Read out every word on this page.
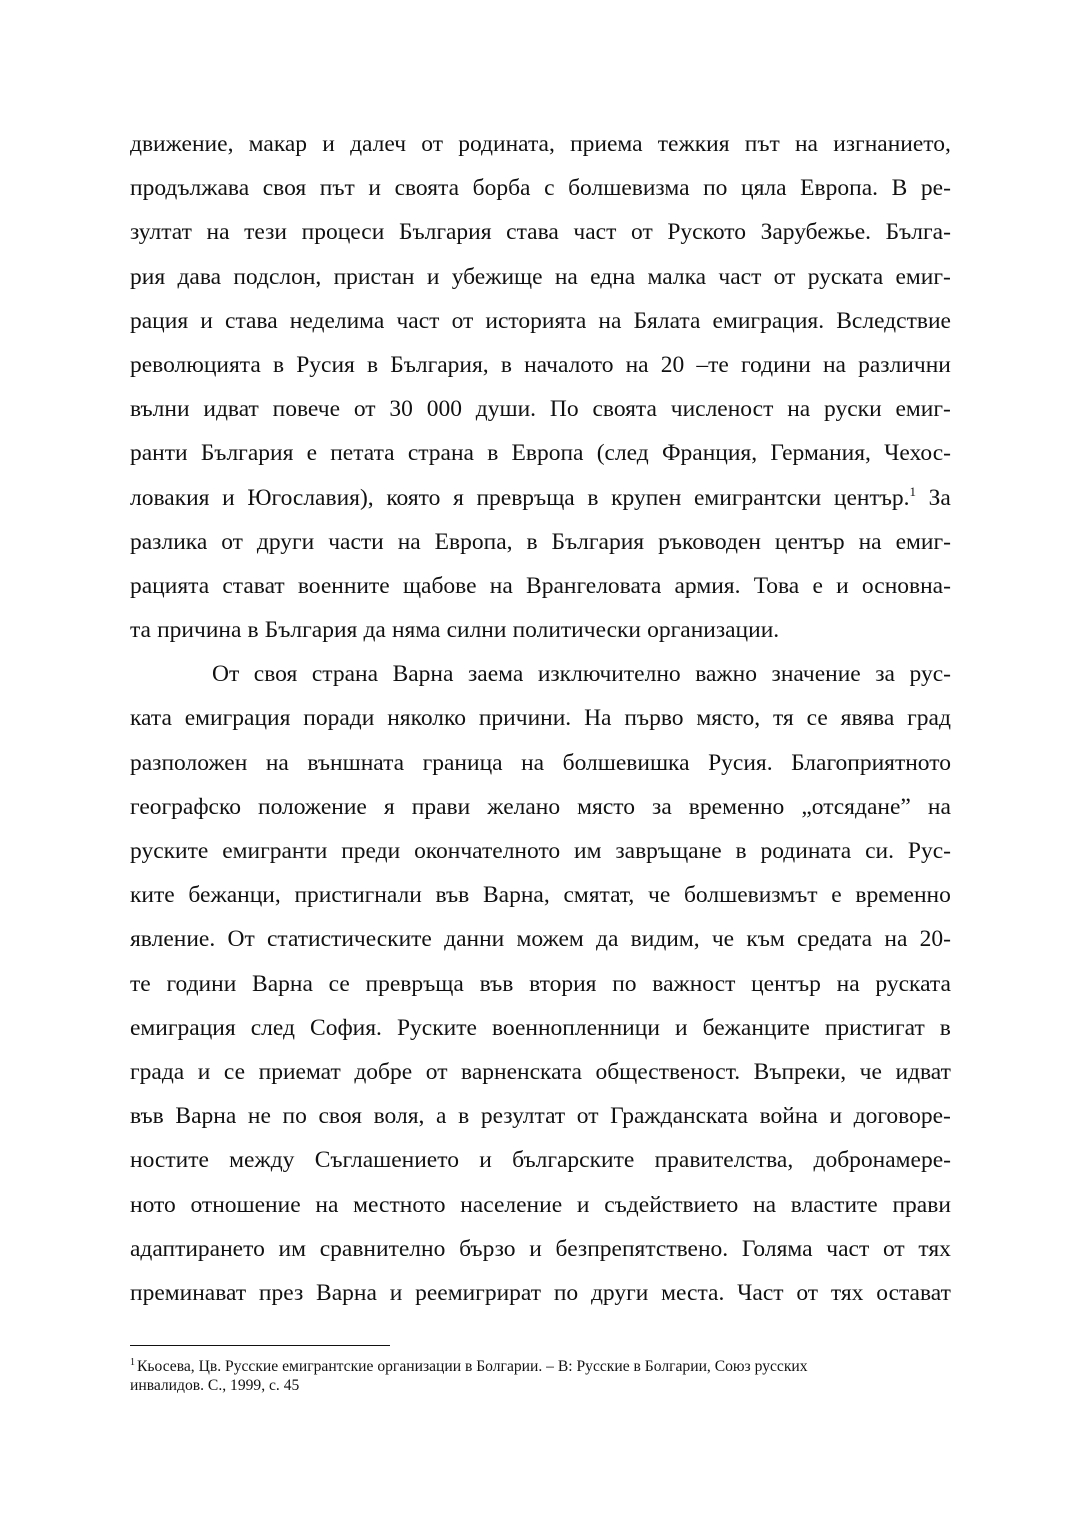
движение, макар и далеч от родината, приема тежкия път на изгнанието,
продължава своя път и своята борба с болшевизма по цяла Европа. В ре-
зултат на тези процеси България става част от Руското Зарубежье. Бълга-
рия дава подслон, пристан и убежище на една малка част от руската емиг-
рация и става неделима част от историята на Бялата емиграция. Вследствие
революцията в Русия в България, в началото на 20 –те години на различни
вълни идват повече от 30 000 души. По своята численост на руски емиг-
ранти България е петата страна в Европа (след Франция, Германия, Чехос-
ловакия и Югославия), която я превръща в крупен емигрантски център.$^1$ За
разлика от други части на Европа, в България ръководен център на емиг-
рацията стават военните щабове на Врангеловата армия. Това е и основна-
та причина в България да няма силни политически организации.
От своя страна Варна заема изключително важно значение за рус-
ката емиграция поради няколко причини. На първо място, тя се явява град
разположен на външната граница на болшевишка Русия. Благоприятното
географско положение я прави желано място за временно „отсядане” на
руските емигранти преди окончателното им завръщане в родината си. Рус-
ките бежанци, пристигнали във Варна, смятат, че болшевизмът е временно
явление. От статистическите данни можем да видим, че към средата на 20-
те години Варна се превръща във втория по важност център на руската
емиграция след София. Руските военнопленници и бежанците пристигат в
града и се приемат добре от варненската общественост. Въпреки, че идват
във Варна не по своя воля, а в резултат от Гражданската война и договоре-
ностите между Съглашението и българските правителства, добронамере-
ното отношение на местното население и съдействието на властите прави
адаптирането им сравнително бързо и безпрепятствено. Голяма част от тях
преминават през Варна и реемигрират по други места. Част от тях остават
$^1$ Кьосева, Цв. Русские емигрантские организации в Болгарии. – В: Русские в Болгарии, Союз русских
инвалидов. С., 1999, с. 45
